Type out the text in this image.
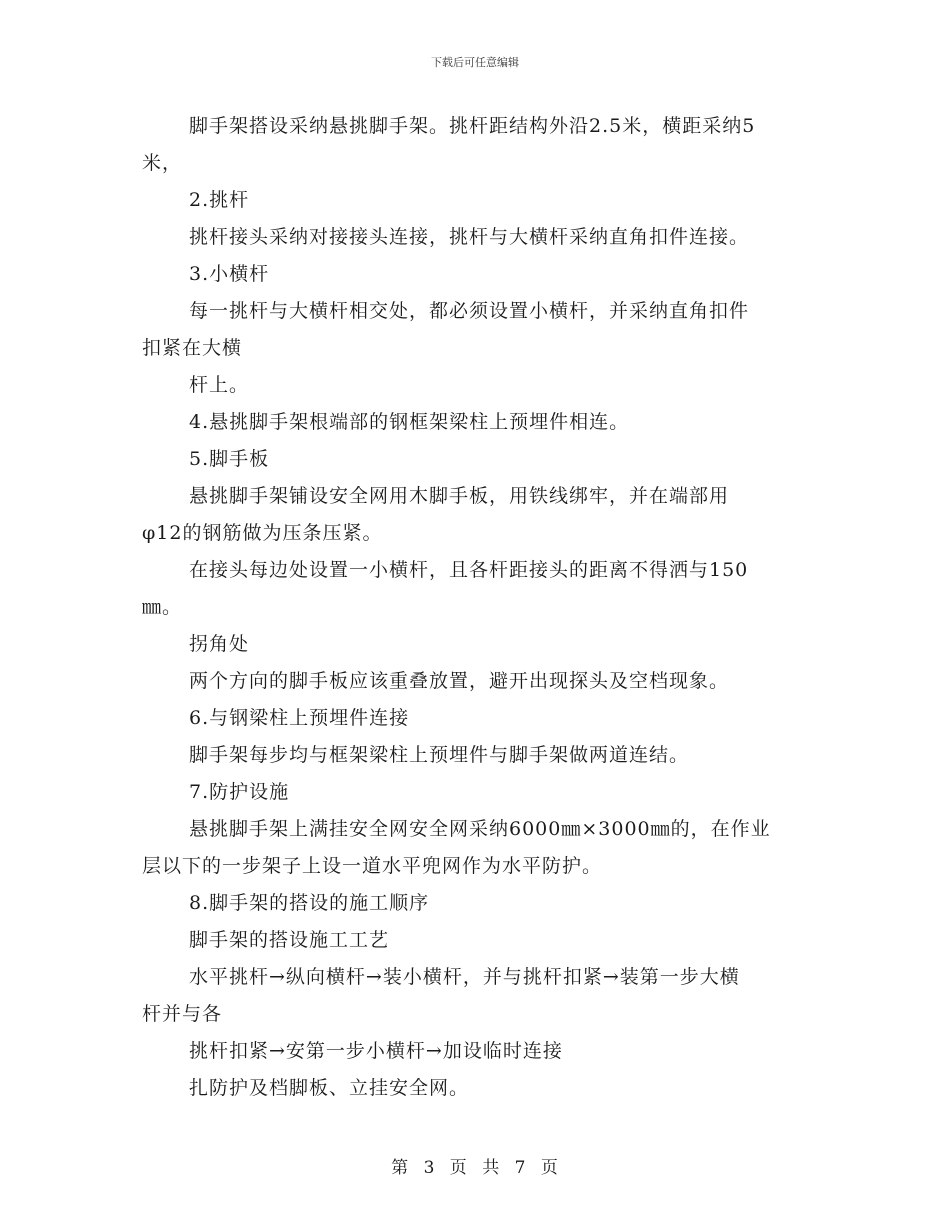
下载后可任意编辑
脚手架搭设采纳悬挑脚手架。挑杆距结构外沿2.5米，横距采纳5
米，
2.挑杆
挑杆接头采纳对接接头连接，挑杆与大横杆采纳直角扣件连接。
3.小横杆
每一挑杆与大横杆相交处，都必须设置小横杆，并采纳直角扣件
扣紧在大横
杆上。
4.悬挑脚手架根端部的钢框架梁柱上预埋件相连。
5.脚手板
悬挑脚手架铺设安全网用木脚手板，用铁线绑牢，并在端部用
φ12的钢筋做为压条压紧。
在接头每边处设置一小横杆，且各杆距接头的距离不得洒与150
㎜。
拐角处
两个方向的脚手板应该重叠放置，避开出现探头及空档现象。
6.与钢梁柱上预埋件连接
脚手架每步均与框架梁柱上预埋件与脚手架做两道连结。
7.防护设施
悬挑脚手架上满挂安全网安全网采纳6000㎜×3000㎜的，在作业
层以下的一步架子上设一道水平兜网作为水平防护。
8.脚手架的搭设的施工顺序
脚手架的搭设施工工艺
水平挑杆→纵向横杆→装小横杆，并与挑杆扣紧→装第一步大横
杆并与各
挑杆扣紧→安第一步小横杆→加设临时连接
扎防护及档脚板、立挂安全网。
第 3 页 共 7 页
